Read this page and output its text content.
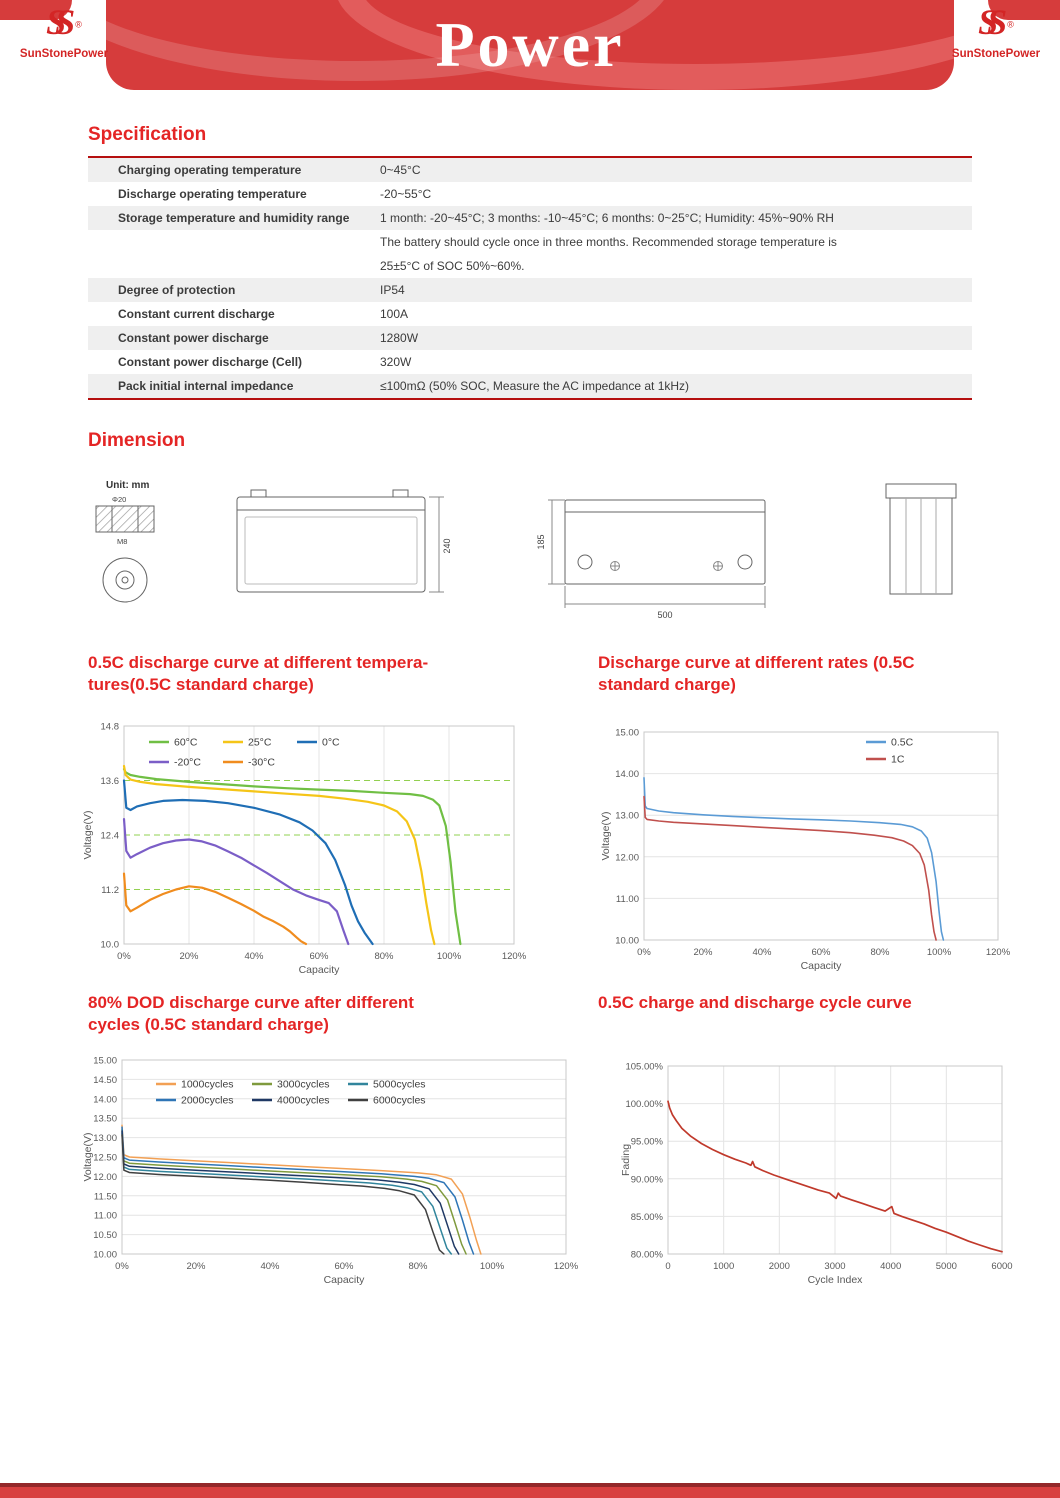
Power
SS ®
SunStonePower
SS ®
SunStonePower
Specification
Charging operating temperature	0~45°C
Discharge operating temperature	-20~55°C
Storage temperature and humidity range	1 month: -20~45°C; 3 months: -10~45°C; 6 months: 0~25°C; Humidity: 45%~90% RH
The battery should cycle once in three months. Recommended storage temperature is
25±5°C of SOC 50%~60%.
Degree of protection	IP54
Constant current discharge	100A
Constant power discharge	1280W
Constant power discharge (Cell)	320W
Pack initial internal impedance	≤100mΩ (50% SOC, Measure the AC impedance at 1kHz)
Dimension
Unit: mm
Φ20
M8	240	185
500
0.5C discharge curve at different tempera-
tures(0.5C standard charge)
Discharge curve at different rates (0.5C
standard charge)
80% DOD discharge curve after different
cycles (0.5C standard charge)
0.5C charge and discharge cycle curve
0%	20%	40%	60%	80%	100%	120%
10.0
11.2
12.4
13.6
14.8
Capacity
Voltage(V)
60°C	25°C	0°C
-20°C	-30°C
0%	20%	40%	60%	80%	100%	120%
10.00
11.00
12.00
13.00
14.00
15.00
Capacity
Voltage(V)
0.5C
1C
0%	20%	40%	60%	80%	100%	120%
10.00
10.50
11.00
11.50
12.00
12.50
13.00
13.50
14.00
14.50
15.00
Capacity
Voltage(V)
1000cycles	3000cycles	5000cycles
2000cycles	4000cycles	6000cycles
0	1000	2000	3000	4000	5000	6000
80.00%
85.00%
90.00%
95.00%
100.00%
105.00%
Cycle Index
Fading
